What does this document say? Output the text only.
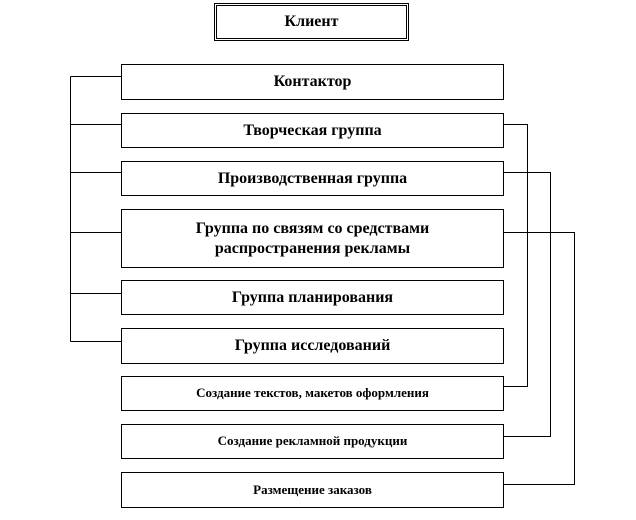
Клиент
Контактор
Творческая группа
Производственная группа
Группа по связям со средствами
распространения рекламы
Группа планирования
Группа исследований
Создание текстов, макетов оформления
Создание рекламной продукции
Размещение заказов
